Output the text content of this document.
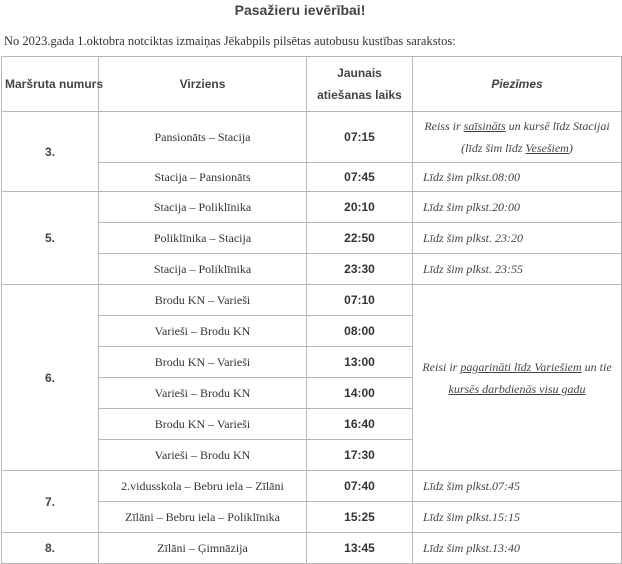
Pasažieru ievērībai!
No 2023.gada 1.oktobra notciktas izmaiņas Jēkabpils pilsētas autobusu kustības sarakstos:
Maršruta numurs	Virziens	Jaunais atiešanas laiks	Piezīmes
3.	Pansionāts – Stacija	07:15	Reiss ir saīsināts un kursē līdz Stacijai (līdz šim līdz Vesešiem)
	Stacija – Pansionāts	07:45	Līdz šim plkst.08:00
5.	Stacija – Poliklīnika	20:10	Līdz šim plkst.20:00
	Poliklīnika – Stacija	22:50	Līdz šim plkst. 23:20
	Stacija – Poliklīnika	23:30	Līdz šim plkst. 23:55
6.	Brodu KN – Varieši	07:10	Reisi ir pagarināti līdz Variešiem un tie kursēs darbdienās visu gadu
	Varieši – Brodu KN	08:00	
	Brodu KN – Varieši	13:00	
	Varieši – Brodu KN	14:00	
	Brodu KN – Varieši	16:40	
	Varieši – Brodu KN	17:30	
7.	2.vidusskola – Bebru iela – Zīlāni	07:40	Līdz šim plkst.07:45
	Zīlāni – Bebru iela – Poliklīnika	15:25	Līdz šim plkst.15:15
8.	Zīlāni – Ģimnāzija	13:45	Līdz šim plkst.13:40
